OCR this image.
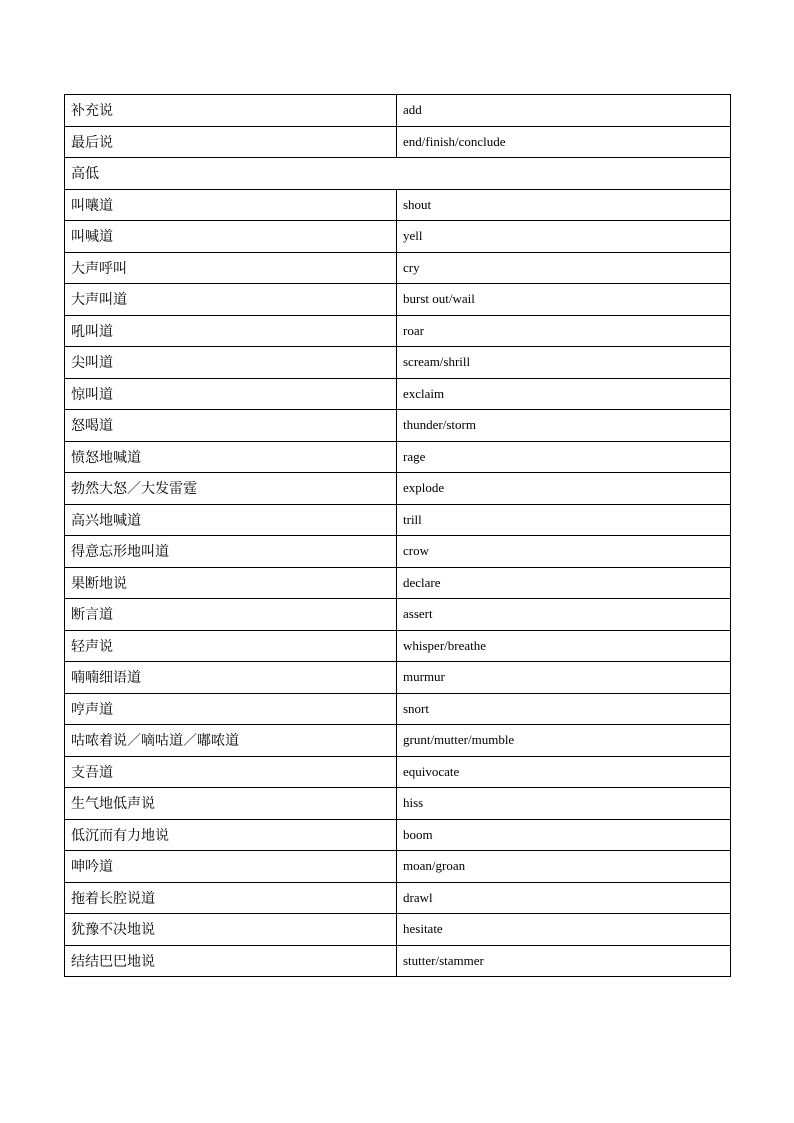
补充说	add
最后说	end/finish/conclude
高低	
叫嚷道	shout
叫喊道	yell
大声呼叫	cry
大声叫道	burst out/wail
吼叫道	roar
尖叫道	scream/shrill
惊叫道	exclaim
怒喝道	thunder/storm
愤怒地喊道	rage
勃然大怒／大发雷霆	explode
高兴地喊道	trill
得意忘形地叫道	crow
果断地说	declare
断言道	assert
轻声说	whisper/breathe
喃喃细语道	murmur
哼声道	snort
咕哝着说／嘀咕道／嘟哝道	grunt/mutter/mumble
支吾道	equivocate
生气地低声说	hiss
低沉而有力地说	boom
呻吟道	moan/groan
拖着长腔说道	drawl
犹豫不决地说	hesitate
结结巴巴地说	stutter/stammer
